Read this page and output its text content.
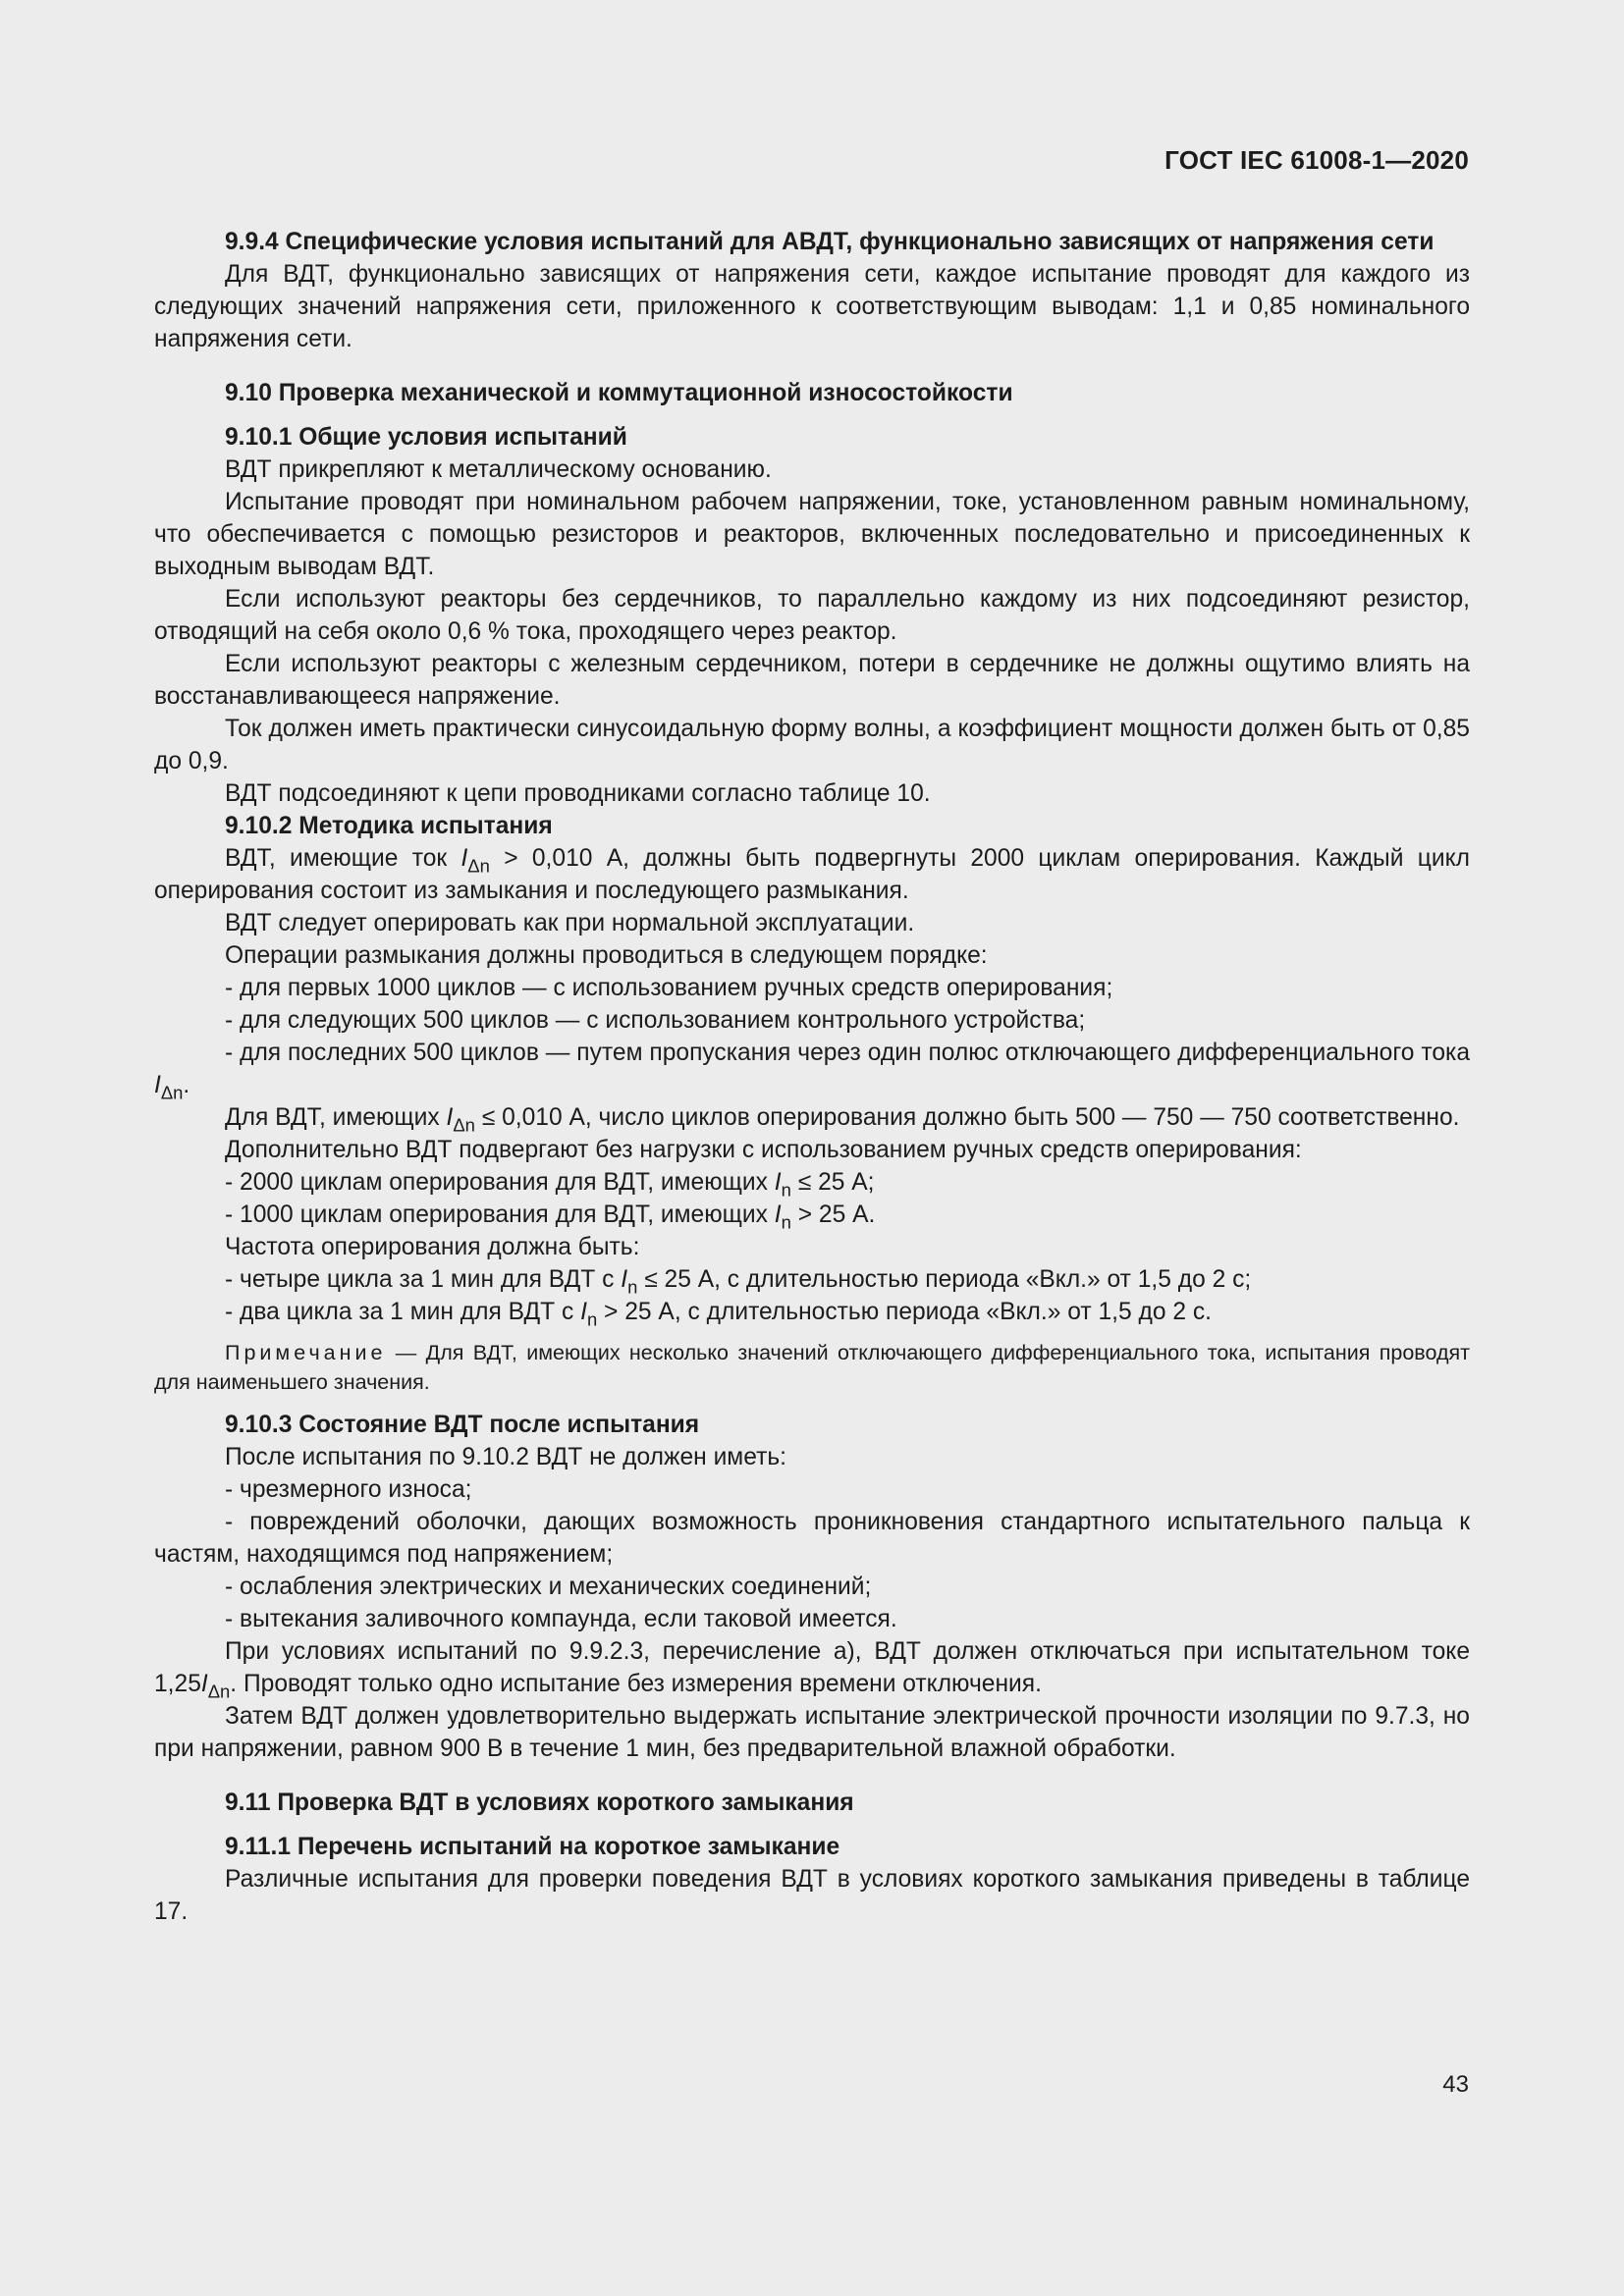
ГОСТ IEC 61008-1—2020

9.9.4 Специфические условия испытаний для АВДТ, функционально зависящих от напряжения сети

Для ВДТ, функционально зависящих от напряжения сети, каждое испытание проводят для каждого из следующих значений напряжения сети, приложенного к соответствующим выводам: 1,1 и 0,85 номинального напряжения сети.

9.10 Проверка механической и коммутационной износостойкости

9.10.1 Общие условия испытаний

ВДТ прикрепляют к металлическому основанию.

Испытание проводят при номинальном рабочем напряжении, токе, установленном равным номинальному, что обеспечивается с помощью резисторов и реакторов, включенных последовательно и присоединенных к выходным выводам ВДТ.

Если используют реакторы без сердечников, то параллельно каждому из них подсоединяют резистор, отводящий на себя около 0,6 % тока, проходящего через реактор.

Если используют реакторы с железным сердечником, потери в сердечнике не должны ощутимо влиять на восстанавливающееся напряжение.

Ток должен иметь практически синусоидальную форму волны, а коэффициент мощности должен быть от 0,85 до 0,9.

ВДТ подсоединяют к цепи проводниками согласно таблице 10.

9.10.2 Методика испытания

ВДТ, имеющие ток $I_{\Delta n} > 0,010$ А, должны быть подвергнуты 2000 циклам оперирования. Каждый цикл оперирования состоит из замыкания и последующего размыкания.

ВДТ следует оперировать как при нормальной эксплуатации.

Операции размыкания должны проводиться в следующем порядке:

- для первых 1000 циклов — с использованием ручных средств оперирования;

- для следующих 500 циклов — с использованием контрольного устройства;

- для последних 500 циклов — путем пропускания через один полюс отключающего дифференциального тока $I_{\Delta n}$.

Для ВДТ, имеющих $I_{\Delta n} \le 0,010$ А, число циклов оперирования должно быть 500 — 750 — 750 соответственно.

Дополнительно ВДТ подвергают без нагрузки с использованием ручных средств оперирования:

- 2000 циклам оперирования для ВДТ, имеющих $I_n \le 25$ А;

- 1000 циклам оперирования для ВДТ, имеющих $I_n > 25$ А.

Частота оперирования должна быть:

- четыре цикла за 1 мин для ВДТ с $I_n \le 25$ А, с длительностью периода «Вкл.» от 1,5 до 2 с;

- два цикла за 1 мин для ВДТ с $I_n > 25$ А, с длительностью периода «Вкл.» от 1,5 до 2 с.

Примечание — Для ВДТ, имеющих несколько значений отключающего дифференциального тока, испытания проводят для наименьшего значения.

9.10.3 Состояние ВДТ после испытания

После испытания по 9.10.2 ВДТ не должен иметь:

- чрезмерного износа;

- повреждений оболочки, дающих возможность проникновения стандартного испытательного пальца к частям, находящимся под напряжением;

- ослабления электрических и механических соединений;

- вытекания заливочного компаунда, если таковой имеется.

При условиях испытаний по 9.9.2.3, перечисление а), ВДТ должен отключаться при испытательном токе $1,25I_{\Delta n}$. Проводят только одно испытание без измерения времени отключения.

Затем ВДТ должен удовлетворительно выдержать испытание электрической прочности изоляции по 9.7.3, но при напряжении, равном 900 В в течение 1 мин, без предварительной влажной обработки.

9.11 Проверка ВДТ в условиях короткого замыкания

9.11.1 Перечень испытаний на короткое замыкание

Различные испытания для проверки поведения ВДТ в условиях короткого замыкания приведены в таблице 17.

43
